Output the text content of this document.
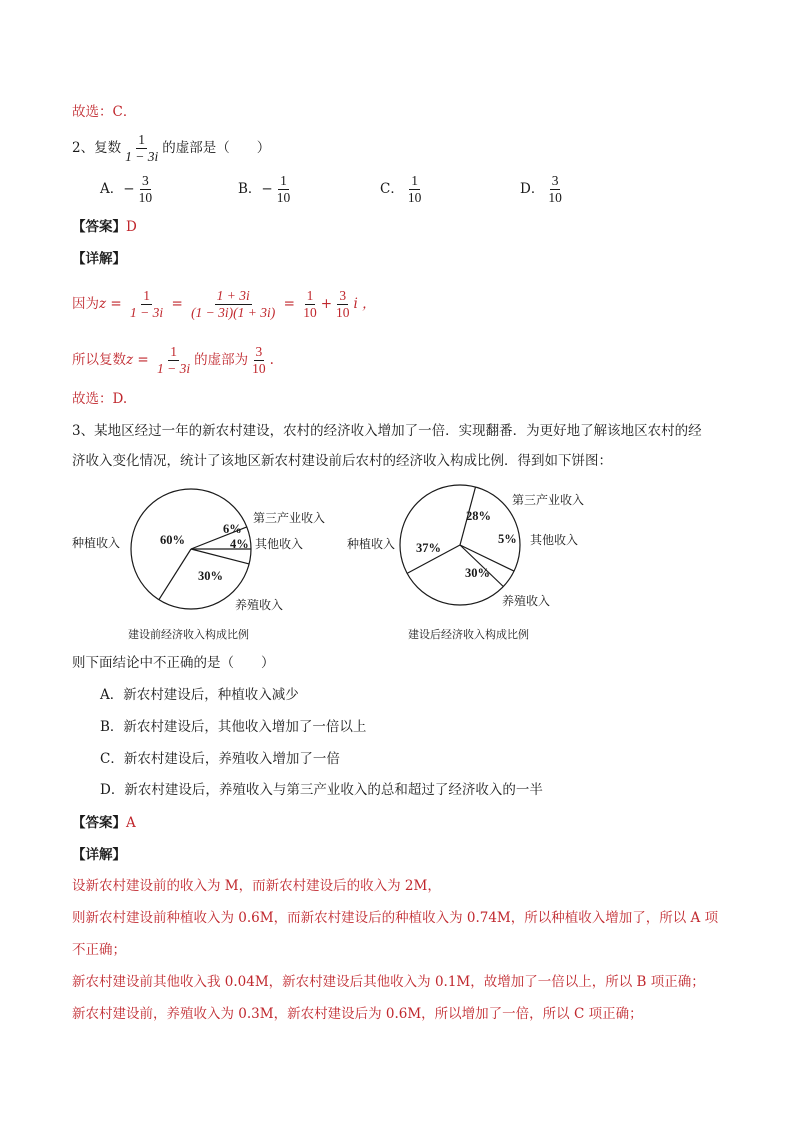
故选：C．
2、复数 $\frac{1}{1 - 3i}$ 的虚部是（　　）
A．− $\frac{3}{10}$	B．− $\frac{1}{10}$	C． $\frac{1}{10}$	D． $\frac{3}{10}$
【答案】D
【详解】
因为$z = \frac{1}{1 - 3i} = \frac{1 + 3i}{(1 - 3i)(1 + 3i)} = \frac{1}{10} + \frac{3}{10}$ i ，
所以复数$z = \frac{1}{1 - 3i}$ 的虚部为 $\frac{3}{10}$ .
故选：D.
3、某地区经过一年的新农村建设，农村的经济收入增加了一倍．实现翻番．为更好地了解该地区农村的经
济收入变化情况，统计了该地区新农村建设前后农村的经济收入构成比例．得到如下饼图：
60%
6%
4%
30%
种植收入
第三产业收入
其他收入
养殖收入
建设前经济收入构成比例
37%
28%
5%
30%
种植收入
第三产业收入
其他收入
养殖收入
建设后经济收入构成比例
则下面结论中不正确的是（　　）
A．新农村建设后，种植收入减少
B．新农村建设后，其他收入增加了一倍以上
C．新农村建设后，养殖收入增加了一倍
D．新农村建设后，养殖收入与第三产业收入的总和超过了经济收入的一半
【答案】A
【详解】
设新农村建设前的收入为 M，而新农村建设后的收入为 2M，
则新农村建设前种植收入为 0.6M，而新农村建设后的种植收入为 0.74M，所以种植收入增加了，所以 A 项
不正确；
新农村建设前其他收入我 0.04M，新农村建设后其他收入为 0.1M，故增加了一倍以上，所以 B 项正确；
新农村建设前，养殖收入为 0.3M，新农村建设后为 0.6M，所以增加了一倍，所以 C 项正确；
